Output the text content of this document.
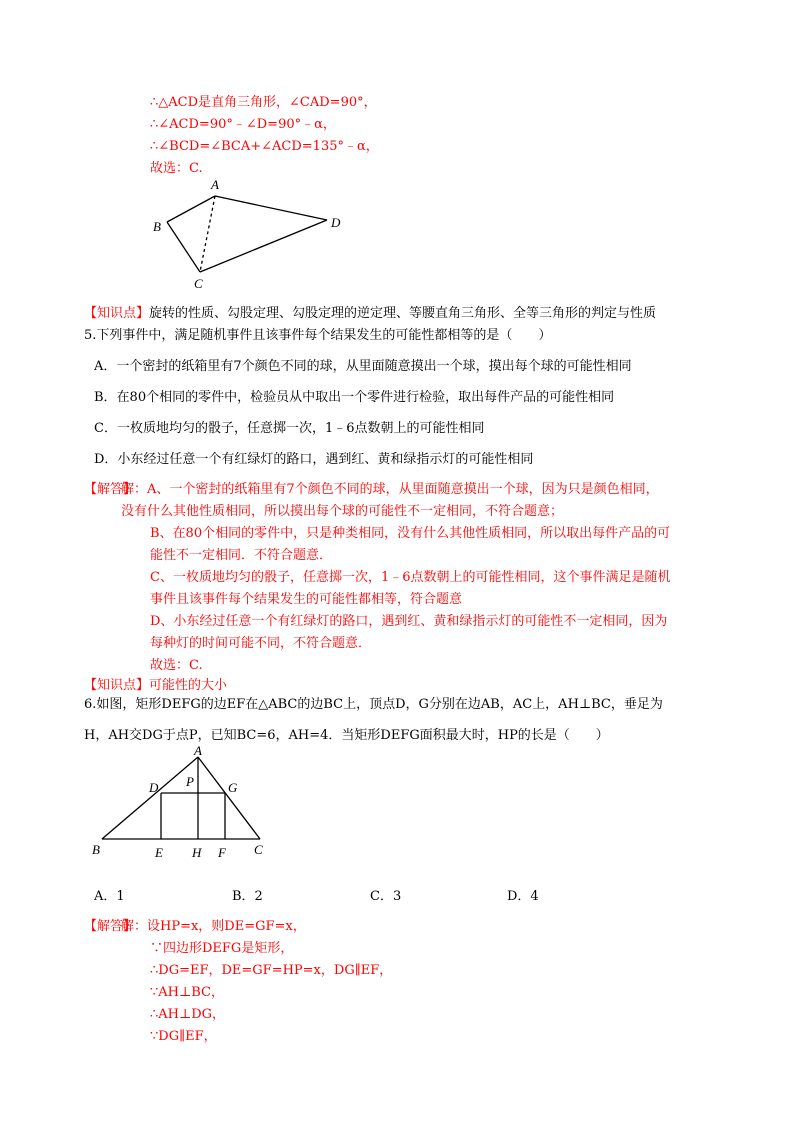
∴△ACD是直角三角形，∠CAD=90°，
∴∠ACD=90°﹣∠D=90°﹣α，
∴∠BCD=∠BCA+∠ACD=135°﹣α，
故选：C.
A
B
C
D
【知识点】旋转的性质、勾股定理、勾股定理的逆定理、等腰直角三角形、全等三角形的判定与性质
5.下列事件中，满足随机事件且该事件每个结果发生的可能性都相等的是（　　）
A．一个密封的纸箱里有7个颜色不同的球，从里面随意摸出一个球，摸出每个球的可能性相同
B．在80个相同的零件中，检验员从中取出一个零件进行检验，取出每件产品的可能性相同
C．一枚质地均匀的骰子，任意掷一次，1﹣6点数朝上的可能性相同
D．小东经过任意一个有红绿灯的路口，遇到红、黄和绿指示灯的可能性相同
【解答】
解：A、一个密封的纸箱里有7个颜色不同的球，从里面随意摸出一个球，因为只是颜色相同，
没有什么其他性质相同，所以摸出每个球的可能性不一定相同，不符合题意；
B、在80个相同的零件中，只是种类相同，没有什么其他性质相同，所以取出每件产品的可
能性不一定相同．不符合题意．
C、一枚质地均匀的骰子，任意掷一次，1﹣6点数朝上的可能性相同，这个事件满足是随机
事件且该事件每个结果发生的可能性都相等，符合题意
D、小东经过任意一个有红绿灯的路口，遇到红、黄和绿指示灯的可能性不一定相同，因为
每种灯的时间可能不同，不符合题意．
故选：C.
【知识点】可能性的大小
6.如图，矩形DEFG的边EF在△ABC的边BC上，顶点D，G分别在边AB，AC上，AH⊥BC，垂足为
H，AH交DG于点P，已知BC=6，AH=4．当矩形DEFG面积最大时，HP的长是（　　）
A
P
D	G
B	E H F C
A．1	B．2	C．3	D．4
【解答】
解：设HP=x，则DE=GF=x，
∵四边形DEFG是矩形，
∴DG=EF，DE=GF=HP=x，DG∥EF，
∵AH⊥BC，
∴AH⊥DG，
∵DG∥EF，
